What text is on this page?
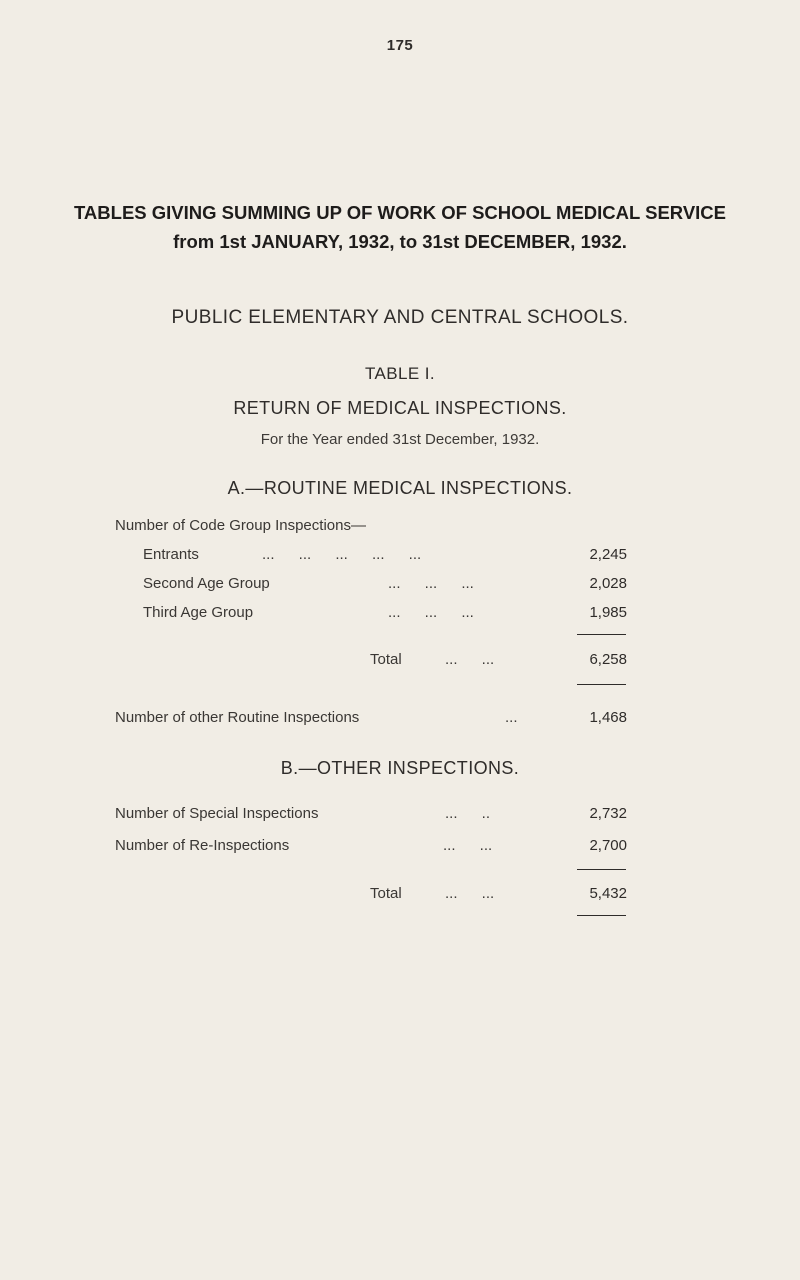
175
TABLES GIVING SUMMING UP OF WORK OF SCHOOL MEDICAL SERVICE from 1st JANUARY, 1932, to 31st DECEMBER, 1932.
PUBLIC ELEMENTARY AND CENTRAL SCHOOLS.
TABLE I.
RETURN OF MEDICAL INSPECTIONS.
For the Year ended 31st December, 1932.
A.—ROUTINE MEDICAL INSPECTIONS.
Number of Code Group Inspections—
Entrants	... ... ... ... ...	2,245
Second Age Group	... ... ...	2,028
Third Age Group	... ... ...	1,985
Total	... ...	6,258
Number of other Routine Inspections	...	1,468
B.—OTHER INSPECTIONS.
Number of Special Inspections	... ..	2,732
Number of Re-Inspections	... ...	2,700
Total	... ...	5,432
